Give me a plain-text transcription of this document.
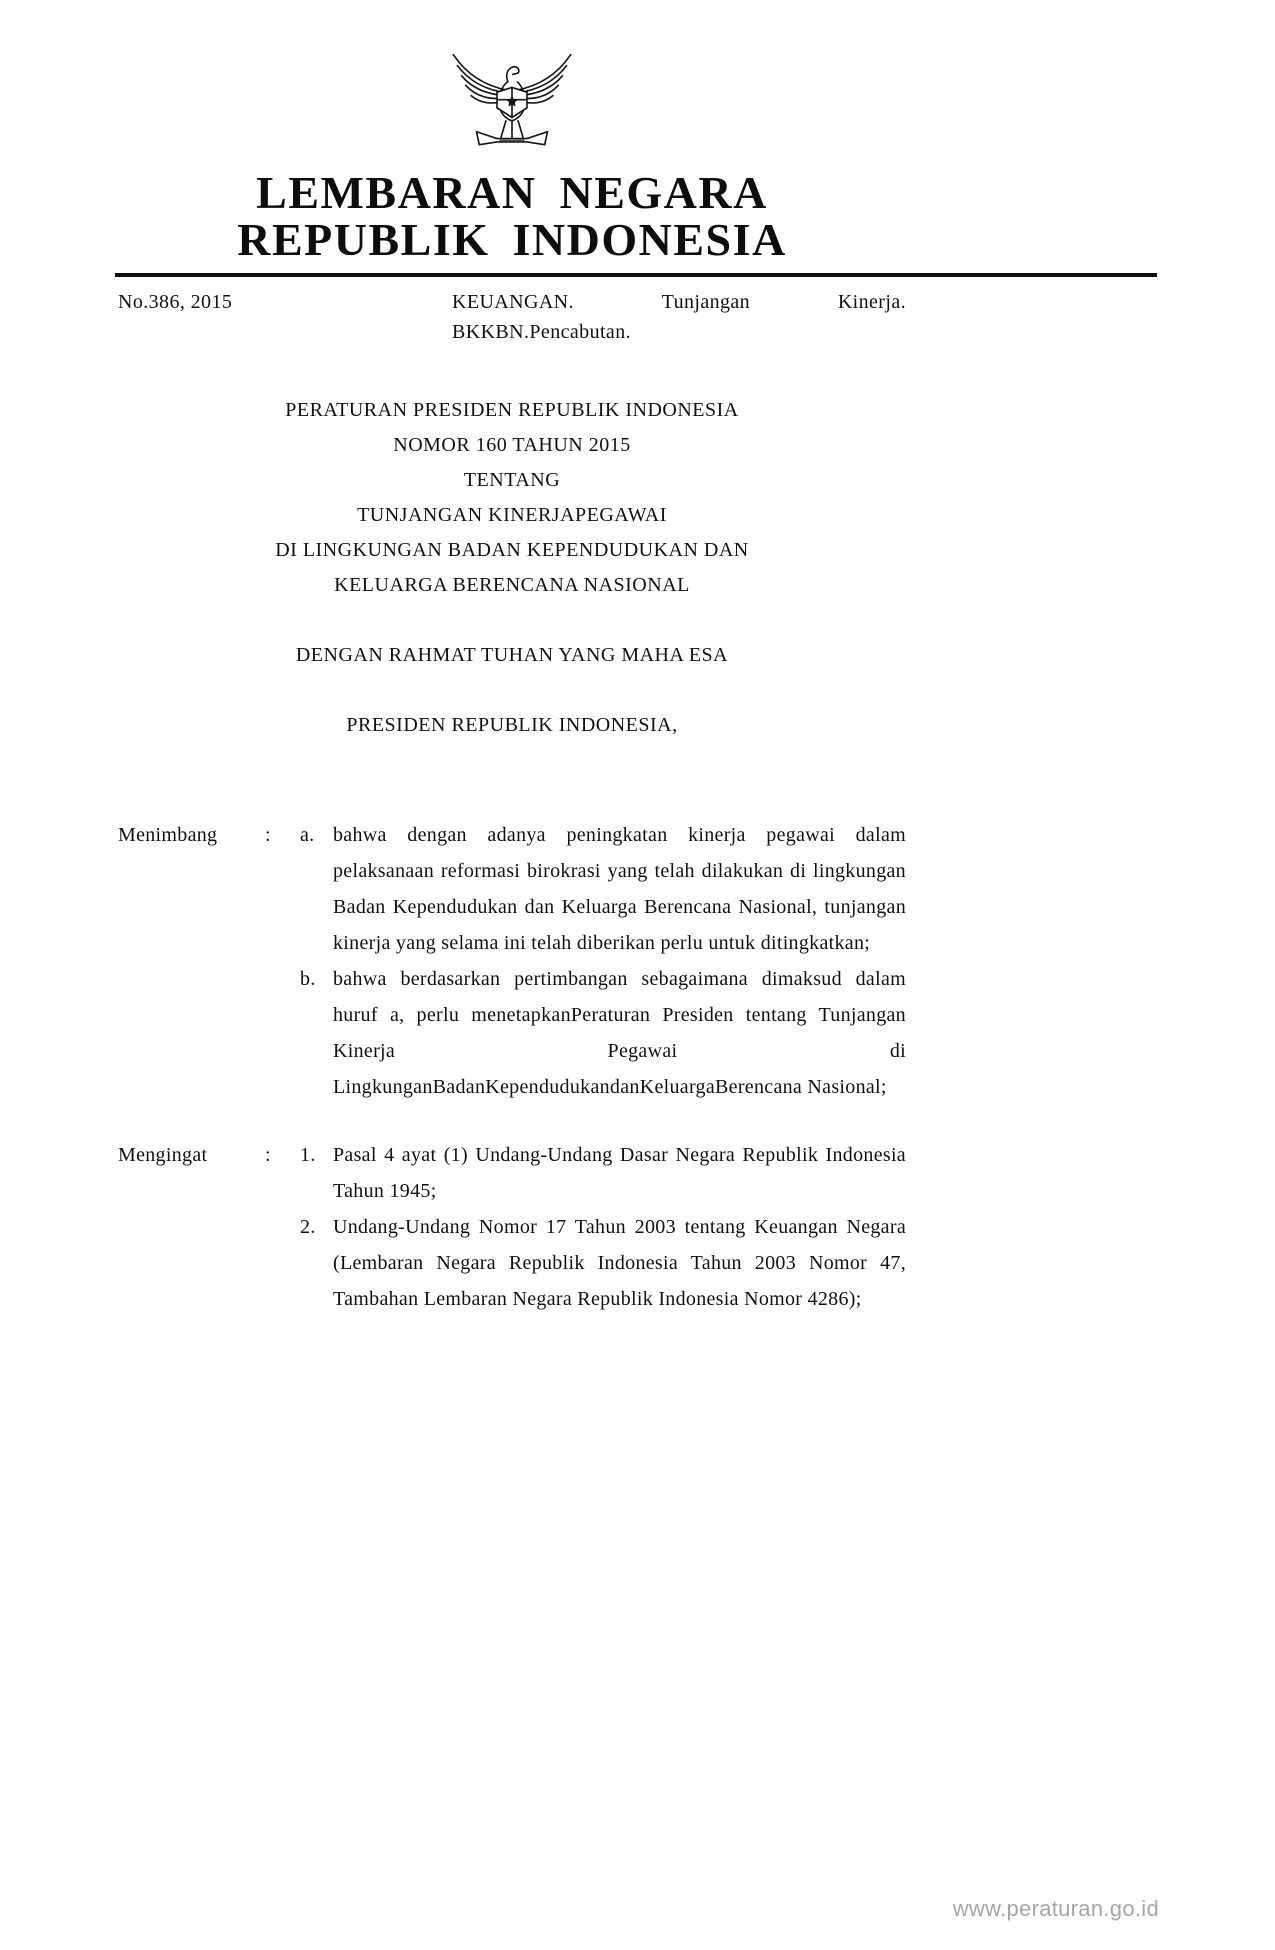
LEMBARAN NEGARA
REPUBLIK INDONESIA
No.386, 2015	KEUANGAN.	Tunjangan	Kinerja.
BKKBN.Pencabutan.
PERATURAN PRESIDEN REPUBLIK INDONESIA
NOMOR 160 TAHUN 2015
TENTANG
TUNJANGAN KINERJAPEGAWAI
DI LINGKUNGAN BADAN KEPENDUDUKAN DAN
KELUARGA BERENCANA NASIONAL
DENGAN RAHMAT TUHAN YANG MAHA ESA
PRESIDEN REPUBLIK INDONESIA,
Menimbang	:	a. bahwa dengan adanya peningkatan kinerja pegawai dalam pelaksanaan reformasi birokrasi yang telah dilakukan di lingkungan Badan Kependudukan dan Keluarga Berencana Nasional, tunjangan kinerja yang selama ini telah diberikan perlu untuk ditingkatkan;
b. bahwa berdasarkan pertimbangan sebagaimana dimaksud dalam huruf a, perlu menetapkanPeraturan Presiden tentang Tunjangan Kinerja Pegawai di LingkunganBadanKependudukandanKeluargaBerencana Nasional;
Mengingat	:	1. Pasal 4 ayat (1) Undang-Undang Dasar Negara Republik Indonesia Tahun 1945;
2. Undang-Undang Nomor 17 Tahun 2003 tentang Keuangan Negara (Lembaran Negara Republik Indonesia Tahun 2003 Nomor 47, Tambahan Lembaran Negara Republik Indonesia Nomor 4286);
www.peraturan.go.id
